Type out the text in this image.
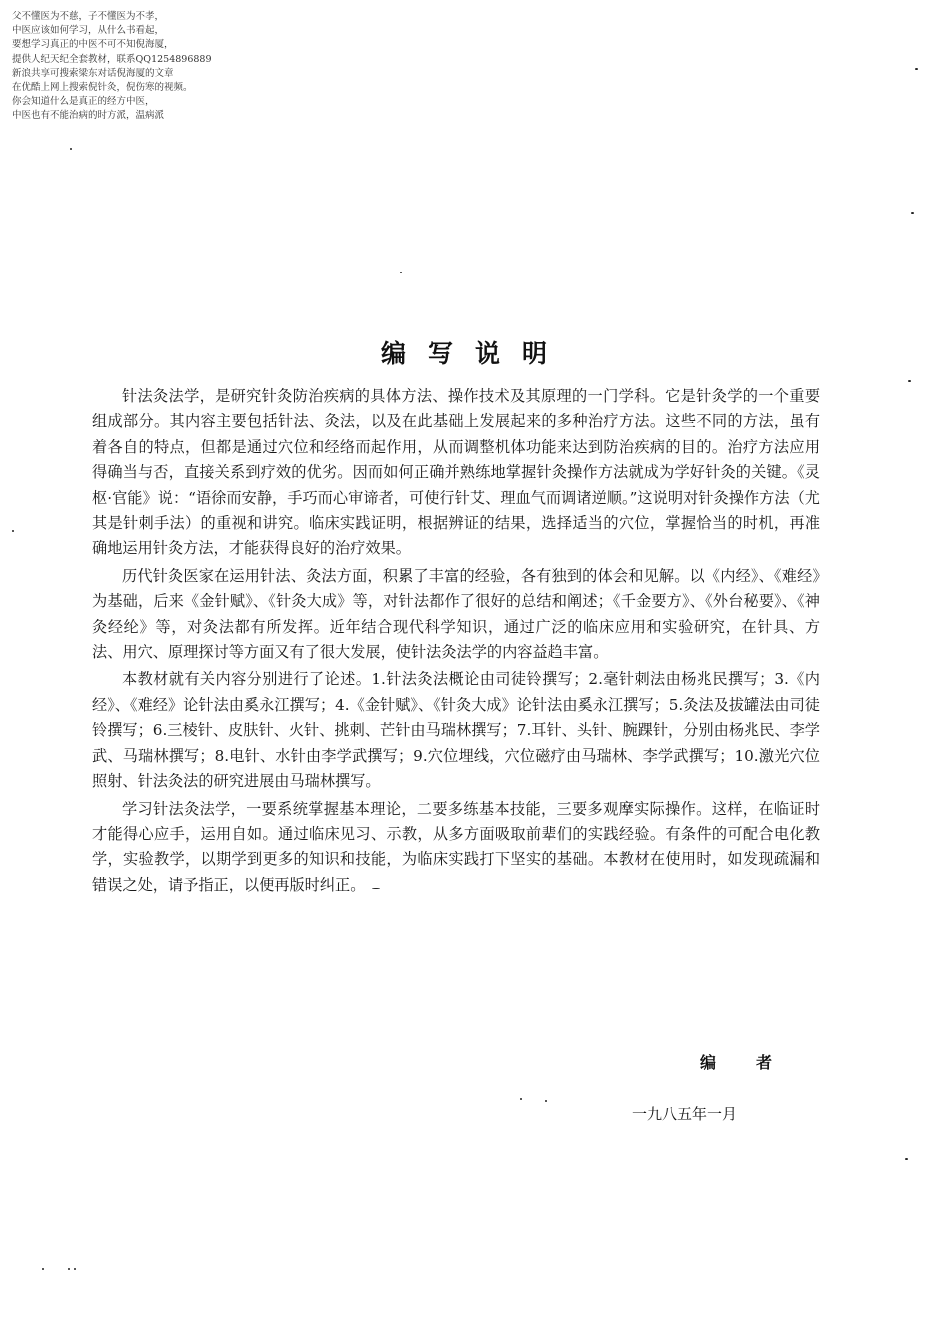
父不懂医为不慈，子不懂医为不孝，
中医应该如何学习，从什么书看起，
要想学习真正的中医不可不知倪海厦，
提供人纪天纪全套教材，联系QQ1254896889
新浪共享可搜索梁东对话倪海厦的文章
在优酷上网上搜索倪针灸，倪伤寒的视频。
你会知道什么是真正的经方中医，
中医也有不能治病的时方派，温病派
编写说明

针法灸法学，是研究针灸防治疾病的具体方法、操作技术及其原理的一门学科。它是针灸学的一个重要组成部分。其内容主要包括针法、灸法，以及在此基础上发展起来的多种治疗方法。这些不同的方法，虽有着各自的特点，但都是通过穴位和经络而起作用，从而调整机体功能来达到防治疾病的目的。治疗方法应用得确当与否，直接关系到疗效的优劣。因而如何正确并熟练地掌握针灸操作方法就成为学好针灸的关键。《灵枢·官能》说：“语徐而安静，手巧而心审谛者，可使行针艾、理血气而调诸逆顺。”这说明对针灸操作方法（尤其是针刺手法）的重视和讲究。临床实践证明，根据辨证的结果，选择适当的穴位，掌握恰当的时机，再准确地运用针灸方法，才能获得良好的治疗效果。

历代针灸医家在运用针法、灸法方面，积累了丰富的经验，各有独到的体会和见解。以《内经》、《难经》为基础，后来《金针赋》、《针灸大成》等，对针法都作了很好的总结和阐述；《千金要方》、《外台秘要》、《神灸经纶》等，对灸法都有所发挥。近年结合现代科学知识，通过广泛的临床应用和实验研究，在针具、方法、用穴、原理探讨等方面又有了很大发展，使针法灸法学的内容益趋丰富。

本教材就有关内容分别进行了论述。1.针法灸法概论由司徒铃撰写；2.毫针刺法由杨兆民撰写；3.《内经》、《难经》论针法由奚永江撰写；4.《金针赋》、《针灸大成》论针法由奚永江撰写；5.灸法及拔罐法由司徒铃撰写；6.三棱针、皮肤针、火针、挑刺、芒针由马瑞林撰写；7.耳针、头针、腕踝针，分别由杨兆民、李学武、马瑞林撰写；8.电针、水针由李学武撰写；9.穴位埋线，穴位磁疗由马瑞林、李学武撰写；10.激光穴位照射、针法灸法的研究进展由马瑞林撰写。

学习针法灸法学，一要系统掌握基本理论，二要多练基本技能，三要多观摩实际操作。这样，在临证时才能得心应手，运用自如。通过临床见习、示教，从多方面吸取前辈们的实践经验。有条件的可配合电化教学，实验教学，以期学到更多的知识和技能，为临床实践打下坚实的基础。本教材在使用时，如发现疏漏和错误之处，请予指正，以便再版时纠正。

编者
一九八五年一月
